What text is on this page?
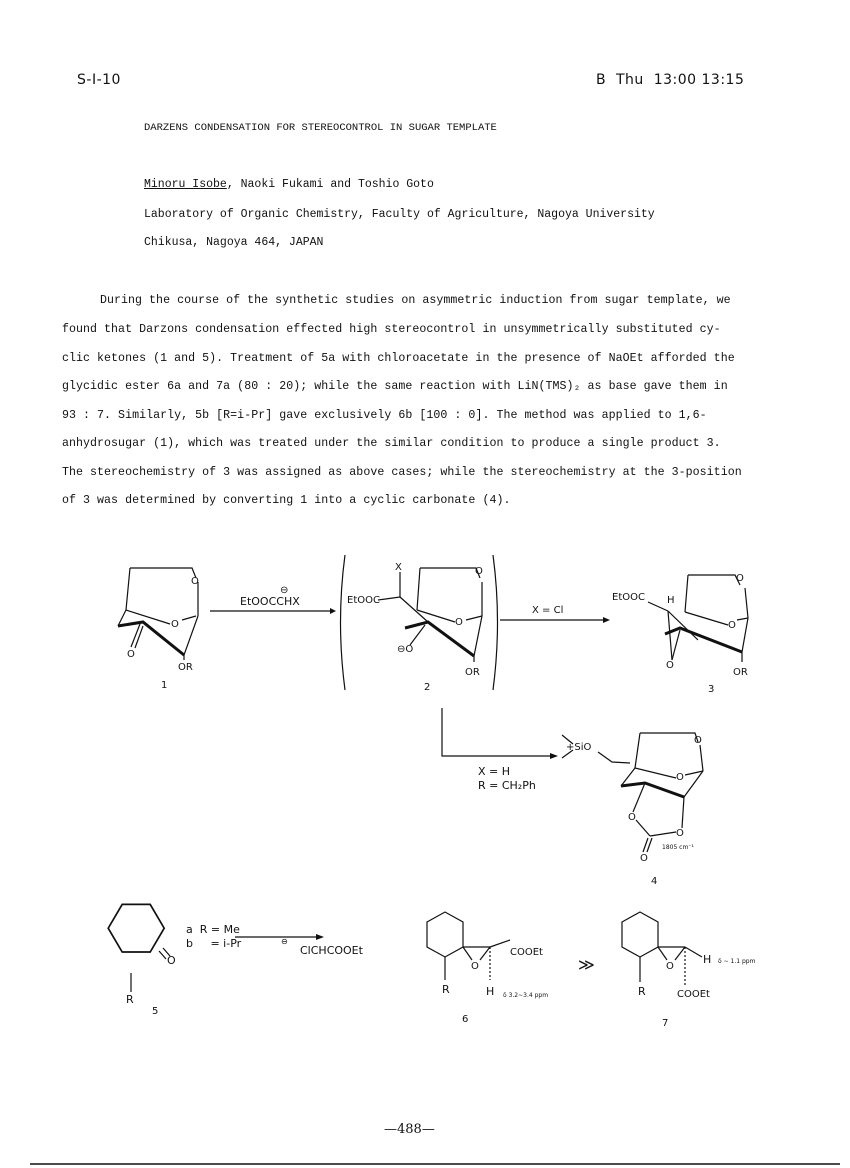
S-I-10	B  Thu  13:00 13:15
DARZENS CONDENSATION FOR STEREOCONTROL IN SUGAR TEMPLATE
Minoru Isobe, Naoki Fukami and Toshio Goto
Laboratory of Organic Chemistry, Faculty of Agriculture, Nagoya University
Chikusa, Nagoya 464, JAPAN
During the course of the synthetic studies on asymmetric induction from sugar template, we
found that Darzons condensation effected high stereocontrol in unsymmetrically substituted cy-
clic ketones (1 and 5). Treatment of 5a with chloroacetate in the presence of NaOEt afforded the
glycidic ester 6a and 7a (80 : 20); while the same reaction with LiN(TMS)₂ as base gave them in
93 : 7. Similarly, 5b [R=i-Pr] gave exclusively 6b [100 : 0]. The method was applied to 1,6-
anhydrosugar (1), which was treated under the similar condition to produce a single product 3.
The stereochemistry of 3 was assigned as above cases; while the stereochemistry at the 3-position
of 3 was determined by converting 1 into a cyclic carbonate (4).
O
O
O
OR
1
⊖
EtOOCCHX
X
EtOOC
O
O
⊖O
OR
2
X = Cl
EtOOC H
O
O
O
OR
3
X = H
R = CH₂Ph
+SiO
O
O
O
O
O
1805 cm⁻¹
4
O
R
a  R = Me
b     = i-Pr
5
⊖
ClCHCOOEt
O
COOEt
R	H δ 3.2∼3.4 ppm
6
≫	O
H δ ∼ 1.1 ppm
R	COOEt
7
—488—
